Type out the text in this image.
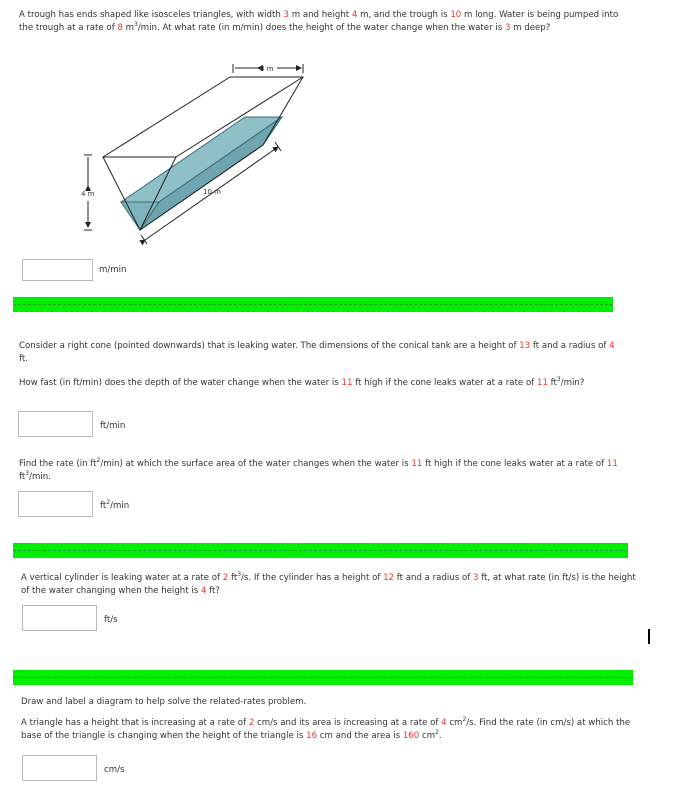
A trough has ends shaped like isosceles triangles, with width 3 m and height 4 m, and the trough is 10 m long. Water is being pumped into the trough at a rate of 8 $m^3/\min$. At what rate (in m/min) does the height of the water change when the water is 3 m deep?

3 m
4 m	10 m
m/min

Consider a right cone (pointed downwards) that is leaking water. The dimensions of the conical tank are a height of 13 ft and a radius of 4 ft.

How fast (in ft/min) does the depth of the water change when the water is 11 ft high if the cone leaks water at a rate of 11 $ft^3/\min$?

ft/min

Find the rate (in $ft^2/\min$) at which the surface area of the water changes when the water is 11 ft high if the cone leaks water at a rate of 11 $ft^3/\min$.

$ft^2/\min$

A vertical cylinder is leaking water at a rate of 2 $ft^3/s$. If the cylinder has a height of 12 ft and a radius of 3 ft, at what rate (in ft/s) is the height of the water changing when the height is 4 ft?

ft/s

Draw and label a diagram to help solve the related-rates problem.

A triangle has a height that is increasing at a rate of 2 cm/s and its area is increasing at a rate of 4 $cm^2/s$. Find the rate (in cm/s) at which the base of the triangle is changing when the height of the triangle is 16 cm and the area is 160 $cm^2$.

cm/s
